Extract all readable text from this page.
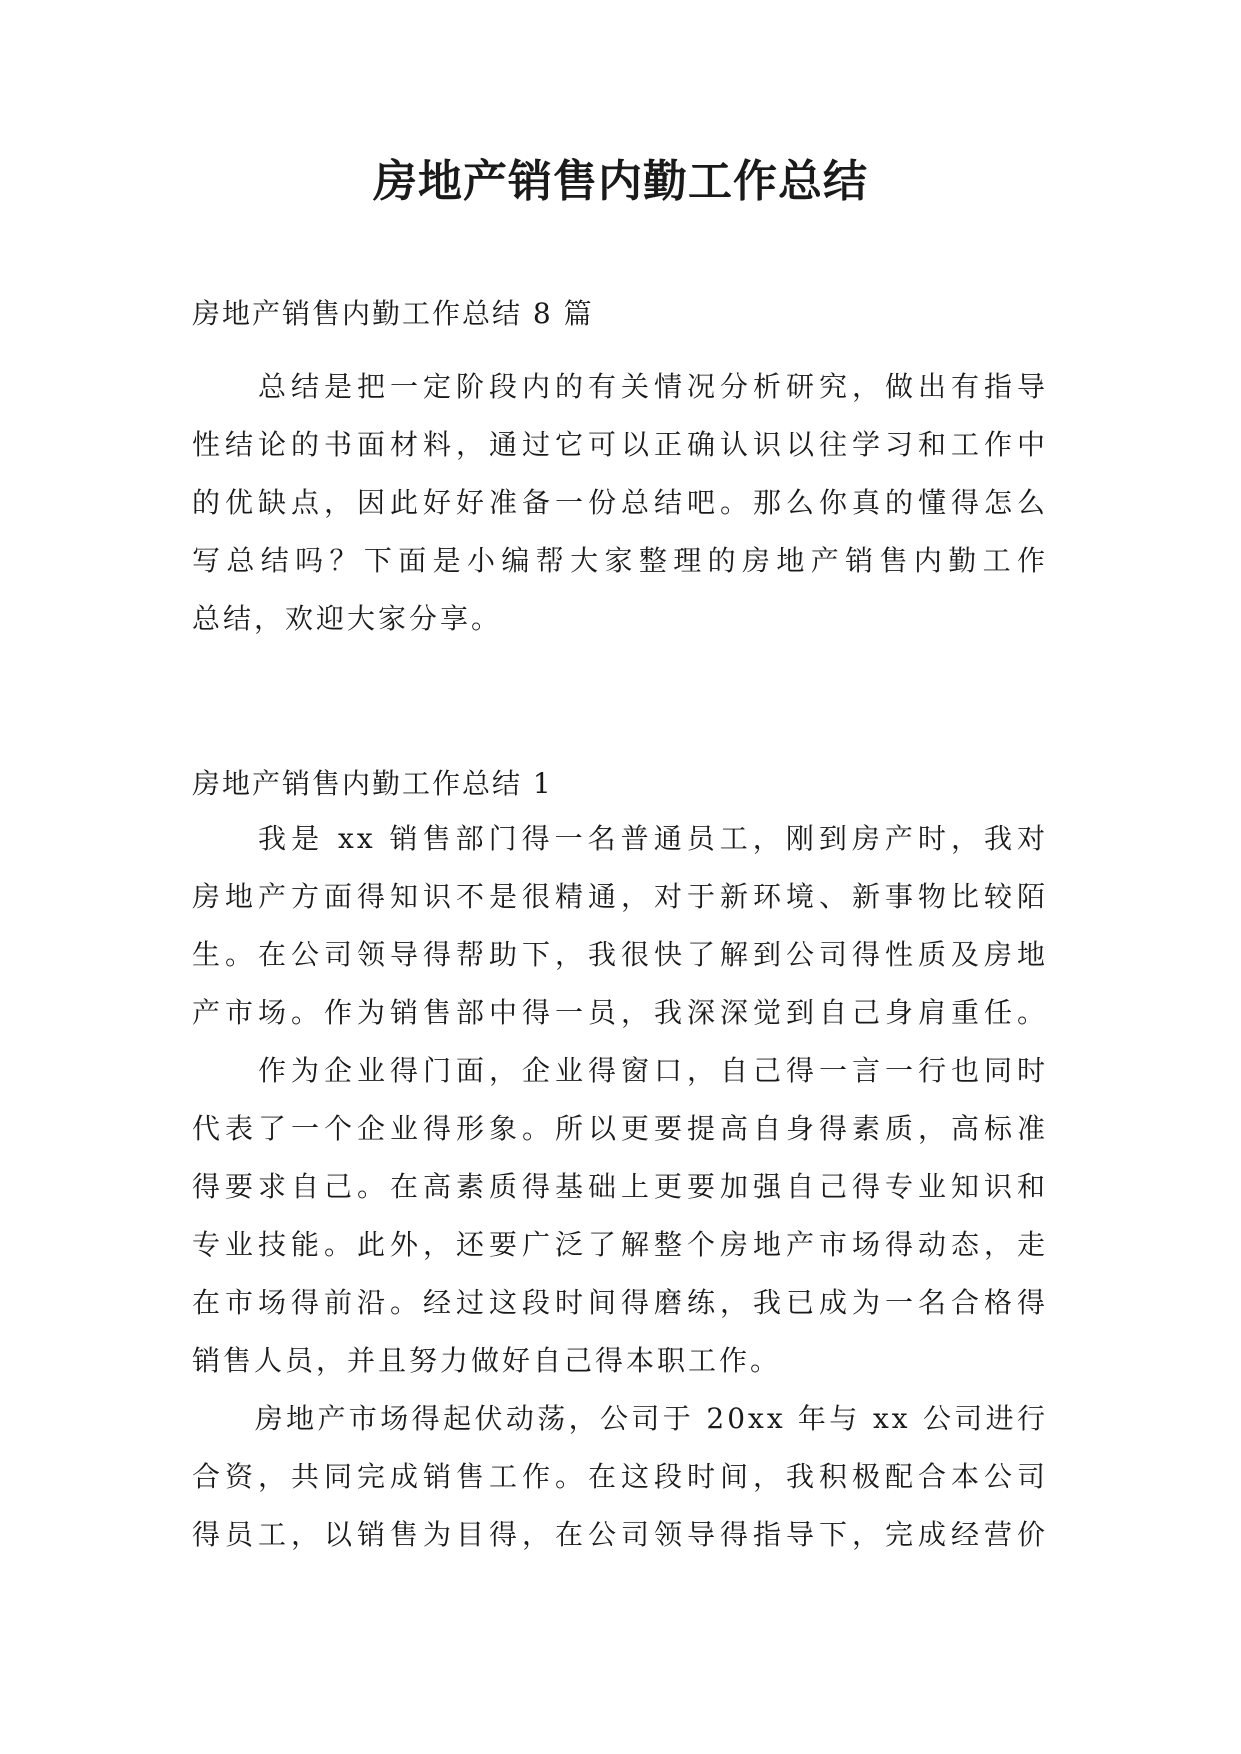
房地产销售内勤工作总结
房地产销售内勤工作总结 8 篇
　　总结是把一定阶段内的有关情况分析研究，做出有指导
性结论的书面材料，通过它可以正确认识以往学习和工作中
的优缺点，因此好好准备一份总结吧。那么你真的懂得怎么
写总结吗？下面是小编帮大家整理的房地产销售内勤工作
总结，欢迎大家分享。
房地产销售内勤工作总结 1
　　我是 xx 销售部门得一名普通员工，刚到房产时，我对
房地产方面得知识不是很精通，对于新环境、新事物比较陌
生。在公司领导得帮助下，我很快了解到公司得性质及房地
产市场。作为销售部中得一员，我深深觉到自己身肩重任。
　　作为企业得门面，企业得窗口，自己得一言一行也同时
代表了一个企业得形象。所以更要提高自身得素质，高标准
得要求自己。在高素质得基础上更要加强自己得专业知识和
专业技能。此外，还要广泛了解整个房地产市场得动态，走
在市场得前沿。经过这段时间得磨练，我已成为一名合格得
销售人员，并且努力做好自己得本职工作。
　　房地产市场得起伏动荡，公司于 20xx 年与 xx 公司进行
合资，共同完成销售工作。在这段时间，我积极配合本公司
得员工，以销售为目得，在公司领导得指导下，完成经营价
